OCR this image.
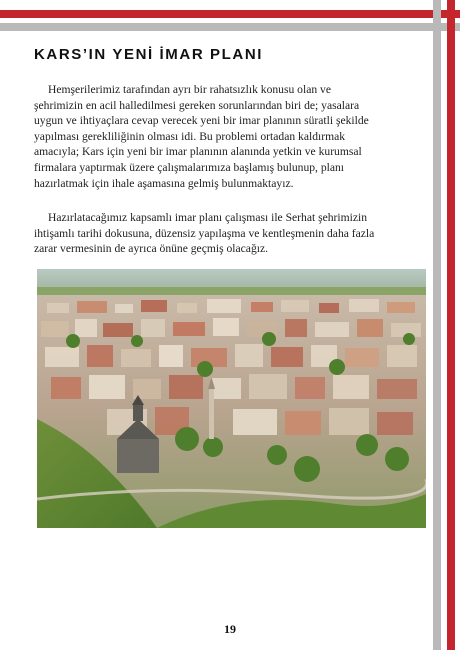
KARS’IN YENİ İMAR PLANI

Hemşerilerimiz tarafından ayrı bir rahatsızlık konusu olan ve
şehrimizin en acil halledilmesi gereken sorunlarından biri de; yasalara
uygun ve ihtiyaçlara cevap verecek yeni bir imar planının süratli şekilde
yapılması gerekliliğinin olması idi. Bu problemi ortadan kaldırmak
amacıyla; Kars için yeni bir imar planının alanında yetkin ve kurumsal
firmalara yaptırmak üzere çalışmalarımıza başlamış bulunup, planı
hazırlatmak için ihale aşamasına gelmiş bulunmaktayız.

Hazırlatacağımız kapsamlı imar planı çalışması ile Serhat şehrimizin
ihtişamlı tarihi dokusuna, düzensiz yapılaşma ve kentleşmenin daha fazla
zarar vermesinin de ayrıca önüne geçmiş olacağız.

19
